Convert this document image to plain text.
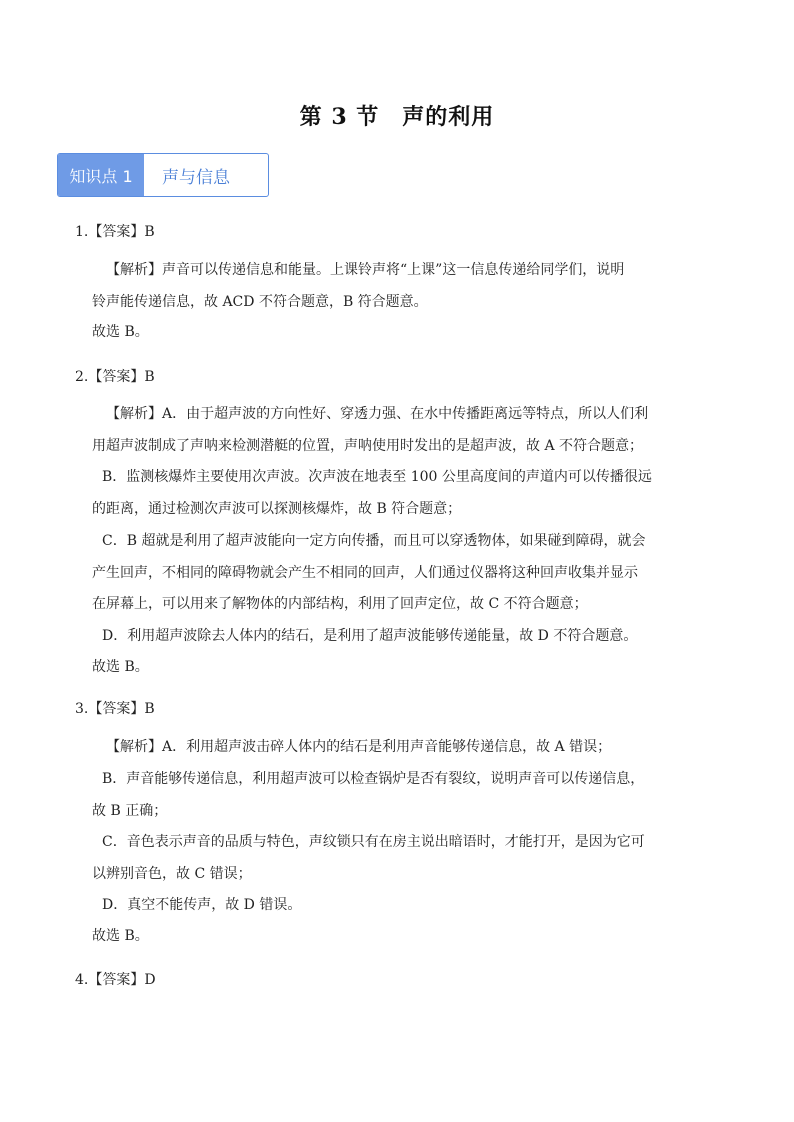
第 3 节　声的利用
知识点 1	声与信息
1.【答案】B
【解析】声音可以传递信息和能量。上课铃声将“上课”这一信息传递给同学们，说明
铃声能传递信息，故 ACD 不符合题意，B 符合题意。
故选 B。
2.【答案】B
【解析】A．由于超声波的方向性好、穿透力强、在水中传播距离远等特点，所以人们利
用超声波制成了声呐来检测潜艇的位置，声呐使用时发出的是超声波，故 A 不符合题意；
B．监测核爆炸主要使用次声波。次声波在地表至 100 公里高度间的声道内可以传播很远
的距离，通过检测次声波可以探测核爆炸，故 B 符合题意；
C．B 超就是利用了超声波能向一定方向传播，而且可以穿透物体，如果碰到障碍，就会
产生回声，不相同的障碍物就会产生不相同的回声，人们通过仪器将这种回声收集并显示
在屏幕上，可以用来了解物体的内部结构，利用了回声定位，故 C 不符合题意；
D．利用超声波除去人体内的结石，是利用了超声波能够传递能量，故 D 不符合题意。
故选 B。
3.【答案】B
【解析】A．利用超声波击碎人体内的结石是利用声音能够传递信息，故 A 错误；
B．声音能够传递信息，利用超声波可以检查锅炉是否有裂纹，说明声音可以传递信息，
故 B 正确；
C．音色表示声音的品质与特色，声纹锁只有在房主说出暗语时，才能打开，是因为它可
以辨别音色，故 C 错误；
D．真空不能传声，故 D 错误。
故选 B。
4.【答案】D
